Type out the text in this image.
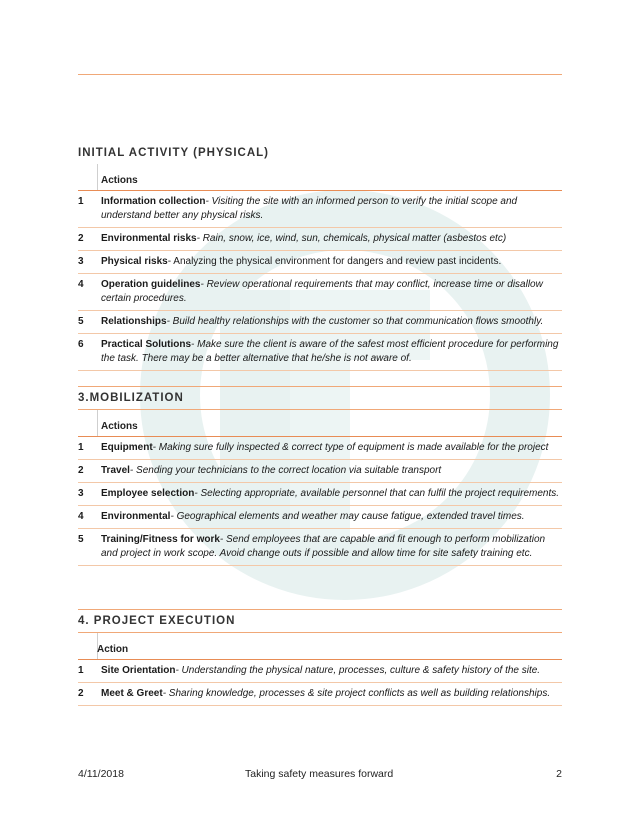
INITIAL ACTIVITY (PHYSICAL)
Actions
1	Information collection- Visiting the site with an informed person to verify the initial scope and understand better any physical risks.
2	Environmental risks- Rain, snow, ice, wind, sun, chemicals, physical matter (asbestos etc)
3	Physical risks- Analyzing the physical environment for dangers and review past incidents.
4	Operation guidelines- Review operational requirements that may conflict, increase time or disallow certain procedures.
5	Relationships- Build healthy relationships with the customer so that communication flows smoothly.
6	Practical Solutions- Make sure the client is aware of the safest most efficient procedure for performing the task. There may be a better alternative that he/she is not aware of.
3.MOBILIZATION
Actions
1	Equipment- Making sure fully inspected & correct type of equipment is made available for the project
2	Travel- Sending your technicians to the correct location via suitable transport
3	Employee selection- Selecting appropriate, available personnel that can fulfil the project requirements.
4	Environmental- Geographical elements and weather may cause fatigue, extended travel times.
5	Training/Fitness for work- Send employees that are capable and fit enough to perform mobilization and project in work scope. Avoid change outs if possible and allow time for site safety training etc.
4. PROJECT EXECUTION
Action
1	Site Orientation- Understanding the physical nature, processes, culture & safety history of the site.
2	Meet & Greet- Sharing knowledge, processes & site project conflicts as well as building relationships.
4/11/2018	Taking safety measures forward	2
